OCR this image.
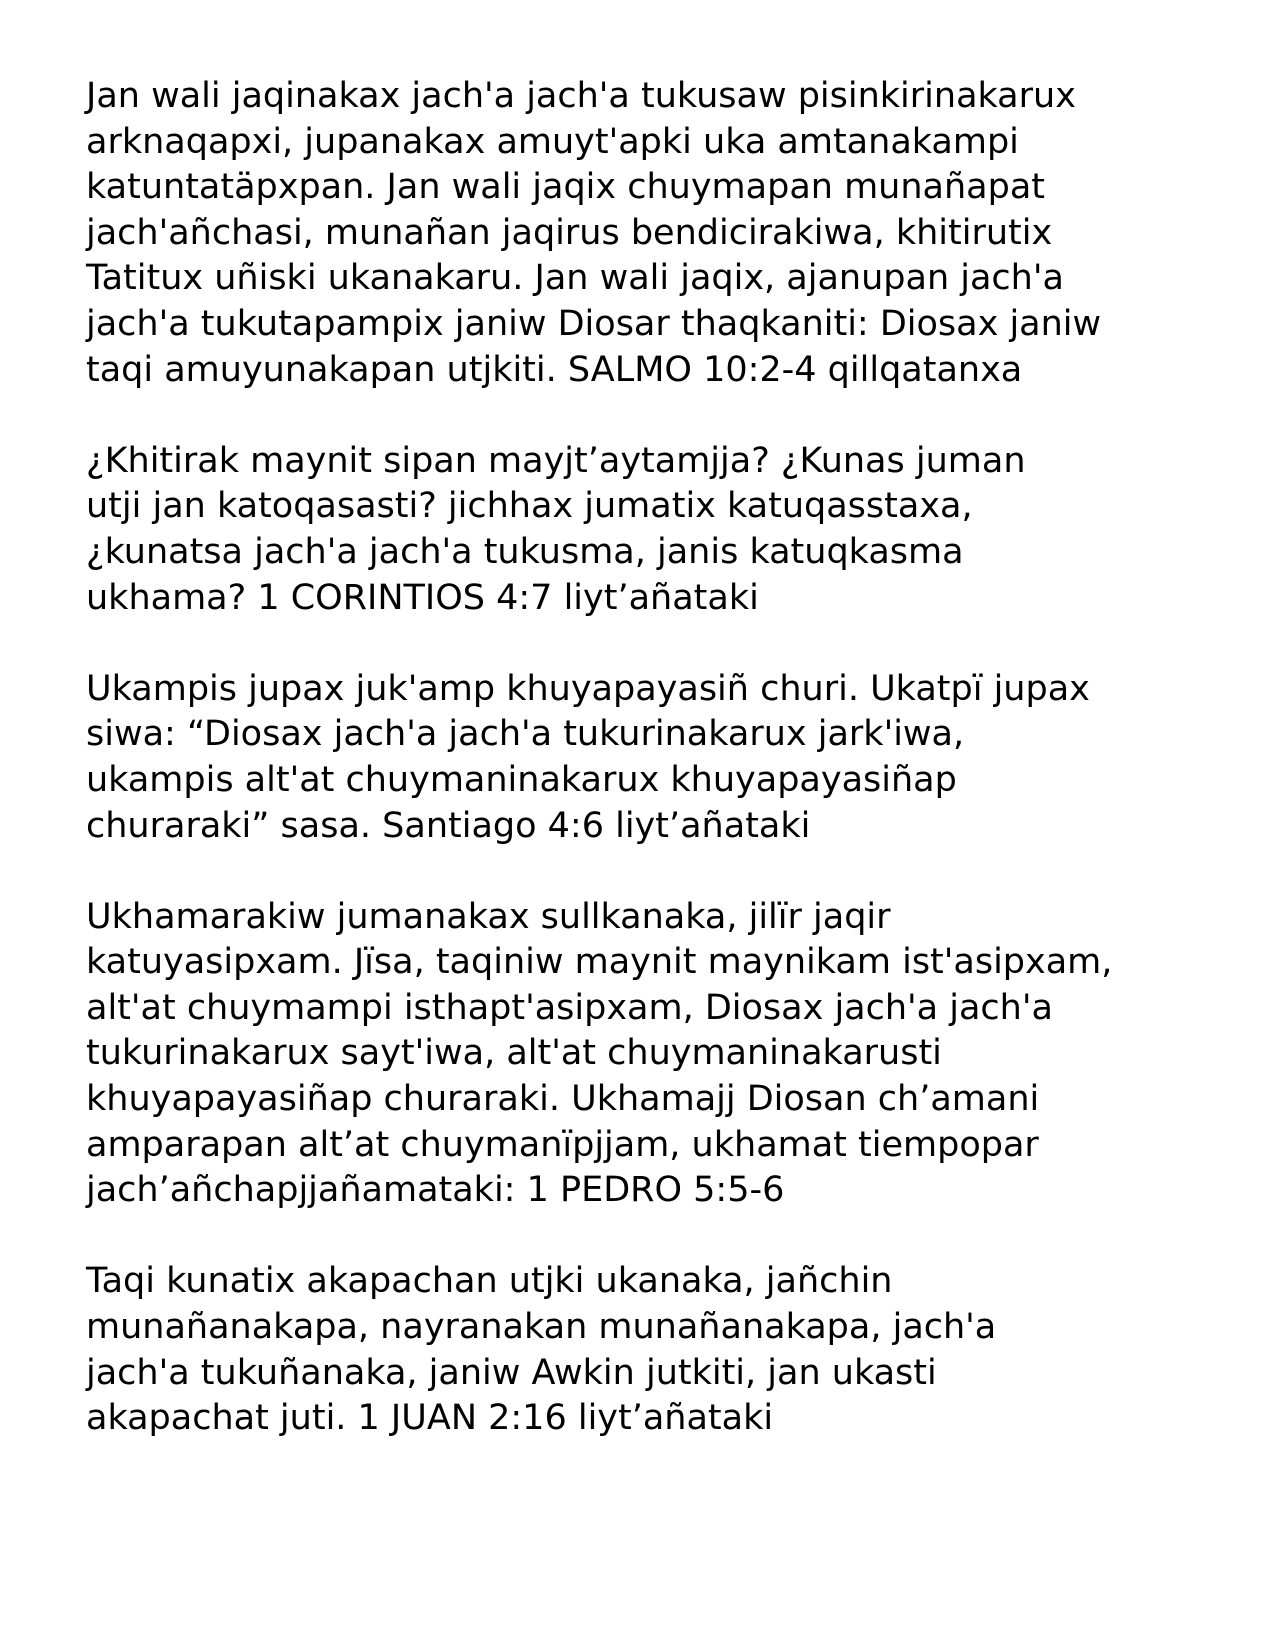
Jan wali jaqinakax jach'a jach'a tukusaw pisinkirinakarux
arknaqapxi, jupanakax amuyt'apki uka amtanakampi
katuntatäpxpan. Jan wali jaqix chuymapan munañapat
jach'añchasi, munañan jaqirus bendicirakiwa, khitirutix
Tatitux uñiski ukanakaru. Jan wali jaqix, ajanupan jach'a
jach'a tukutapampix janiw Diosar thaqkaniti: Diosax janiw
taqi amuyunakapan utjkiti. SALMO 10:2-4 qillqatanxa

¿Khitirak maynit sipan mayjt’aytamjja? ¿Kunas juman
utji jan katoqasasti? jichhax jumatix katuqasstaxa,
¿kunatsa jach'a jach'a tukusma, janis katuqkasma
ukhama? 1 CORINTIOS 4:7 liyt’añataki

Ukampis jupax juk'amp khuyapayasiñ churi. Ukatpï jupax
siwa: “Diosax jach'a jach'a tukurinakarux jark'iwa,
ukampis alt'at chuymaninakarux khuyapayasiñap
churaraki” sasa. Santiago 4:6 liyt’añataki

Ukhamarakiw jumanakax sullkanaka, jilïr jaqir
katuyasipxam. Jïsa, taqiniw maynit maynikam ist'asipxam,
alt'at chuymampi isthapt'asipxam, Diosax jach'a jach'a
tukurinakarux sayt'iwa, alt'at chuymaninakarusti
khuyapayasiñap churaraki. Ukhamajj Diosan ch’amani
amparapan alt’at chuymanïpjjam, ukhamat tiempopar
jach’añchapjjañamataki: 1 PEDRO 5:5-6

Taqi kunatix akapachan utjki ukanaka, jañchin
munañanakapa, nayranakan munañanakapa, jach'a
jach'a tukuñanaka, janiw Awkin jutkiti, jan ukasti
akapachat juti. 1 JUAN 2:16 liyt’añataki
